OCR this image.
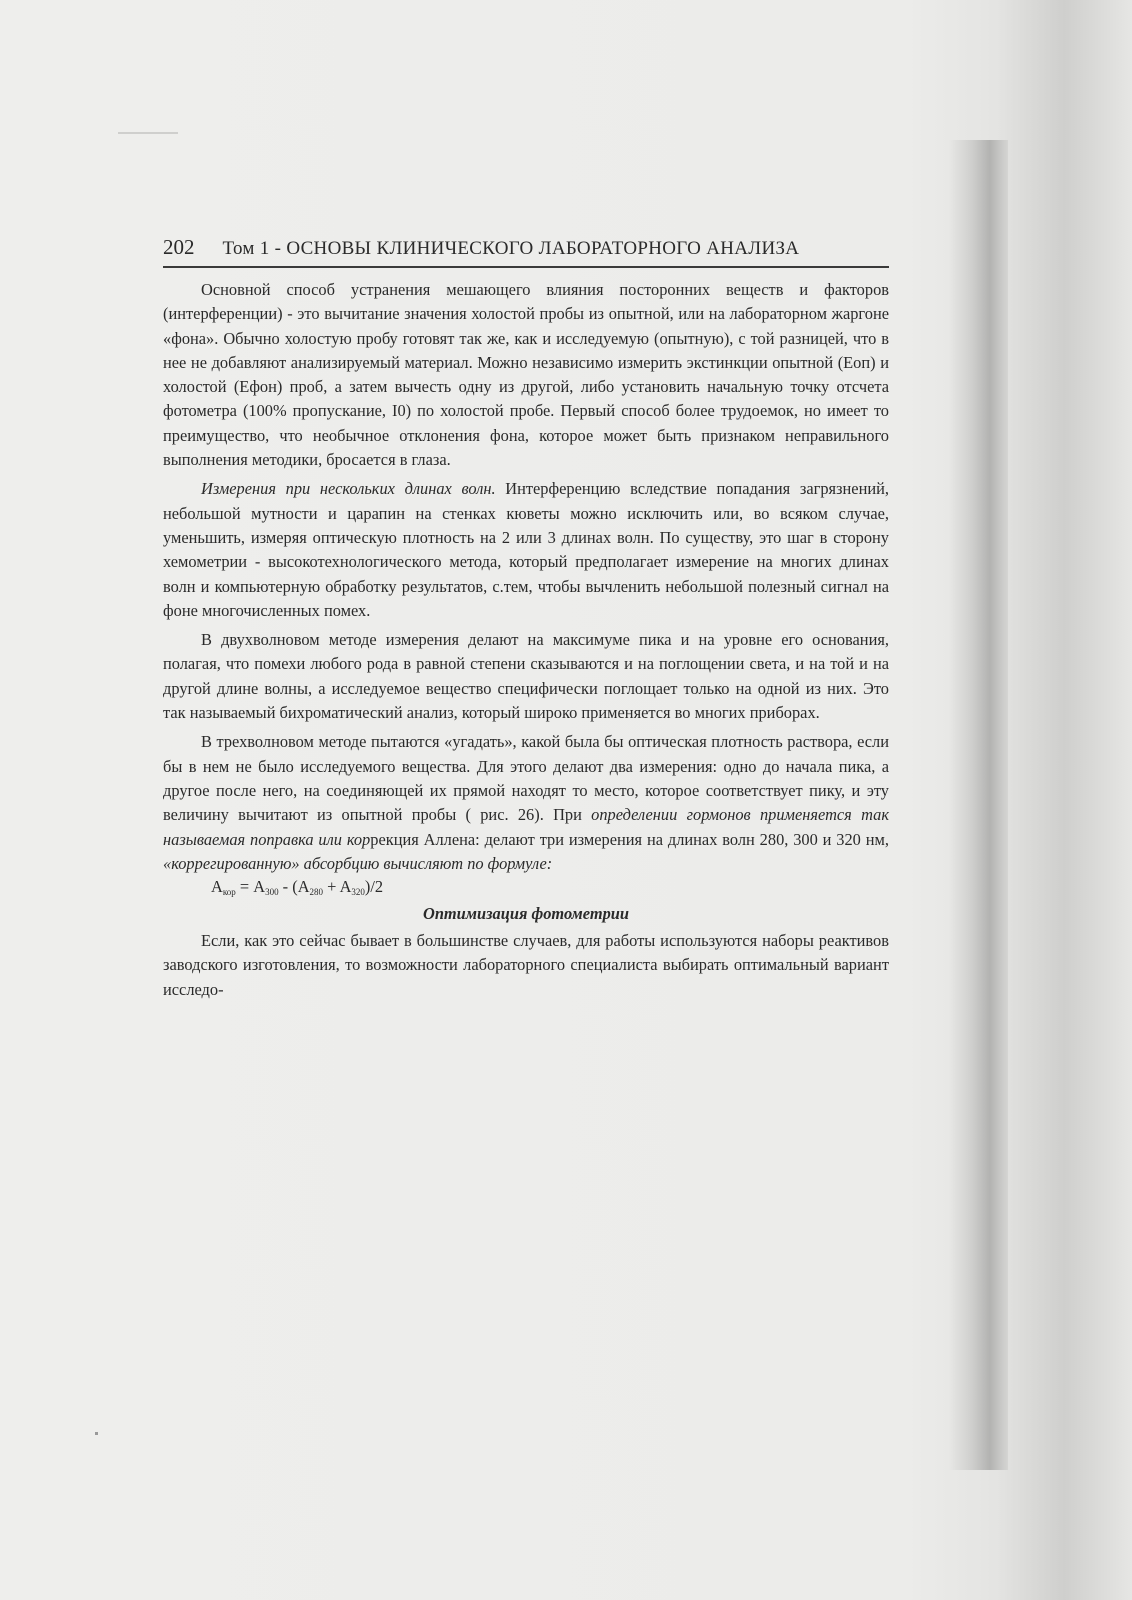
202 Том 1 - ОСНОВЫ КЛИНИЧЕСКОГО ЛАБОРАТОРНОГО АНАЛИЗА

Основной способ устранения мешающего влияния посторонних веществ и факторов (интерференции) - это вычитание значения холостой пробы из опытной, или на лабораторном жаргоне «фона». Обычно холостую пробу готовят так же, как и исследуемую (опытную), с той разницей, что в нее не добавляют анализируемый материал. Можно независимо измерить экстинкции опытной (Еоп) и холостой (Ефон) проб, а затем вычесть одну из другой, либо установить начальную точку отсчета фотометра (100% пропускание, I0) по холостой пробе. Первый способ более трудоемок, но имеет то преимущество, что необычное отклонения фона, которое может быть признаком неправильного выполнения методики, бросается в глаза.

Измерения при нескольких длинах волн. Интерференцию вследствие попадания загрязнений, небольшой мутности и царапин на стенках кюветы можно исключить или, во всяком случае, уменьшить, измеряя оптическую плотность на 2 или 3 длинах волн. По существу, это шаг в сторону хемометрии - высокотехнологического метода, который предполагает измерение на многих длинах волн и компьютерную обработку результатов, с.тем, чтобы вычленить небольшой полезный сигнал на фоне многочисленных помех.

В двухволновом методе измерения делают на максимуме пика и на уровне его основания, полагая, что помехи любого рода в равной степени сказываются и на поглощении света, и на той и на другой длине волны, а исследуемое вещество специфически поглощает только на одной из них. Это так называемый бихроматический анализ, который широко применяется во многих приборах.

В трехволновом методе пытаются «угадать», какой была бы оптическая плотность раствора, если бы в нем не было исследуемого вещества. Для этого делают два измерения: одно до начала пика, а другое после него, на соединяющей их прямой находят то место, которое соответствует пику, и эту величину вычитают из опытной пробы ( рис. 26). При определении гормонов применяется так называемая поправка или коррекция Аллена: делают три измерения на длинах волн 280, 300 и 320 нм, «коррегированную» абсорбцию вычисляют по формуле:

$A_{кор} = A_{300} - (A_{280} + A_{320})/2$
Оптимизация фотометрии

Если, как это сейчас бывает в большинстве случаев, для работы используются наборы реактивов заводского изготовления, то возможности лабораторного специалиста выбирать оптимальный вариант исследо-
